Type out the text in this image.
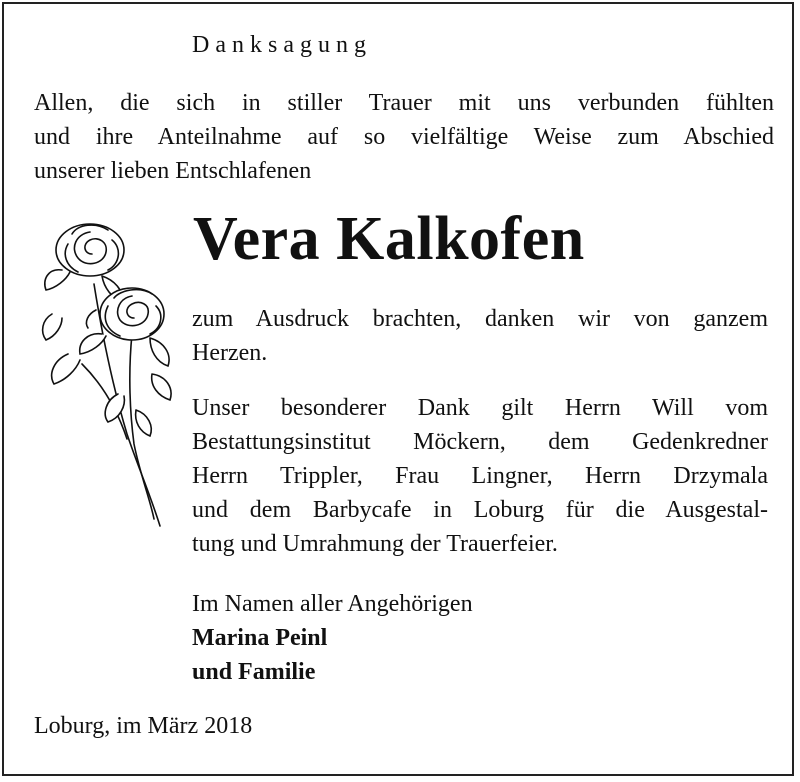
Danksagung
Allen, die sich in stiller Trauer mit uns verbunden fühlten
und ihre Anteilnahme auf so vielfältige Weise zum Abschied
unserer lieben Entschlafenen
Vera Kalkofen
zum Ausdruck brachten, danken wir von ganzem
Herzen.
Unser besonderer Dank gilt Herrn Will vom
Bestattungsinstitut Möckern, dem Gedenkredner
Herrn Trippler, Frau Lingner, Herrn Drzymala
und dem Barbycafe in Loburg für die Ausgestal-
tung und Umrahmung der Trauerfeier.
Im Namen aller Angehörigen
Marina Peinl
und Familie
Loburg, im März 2018
